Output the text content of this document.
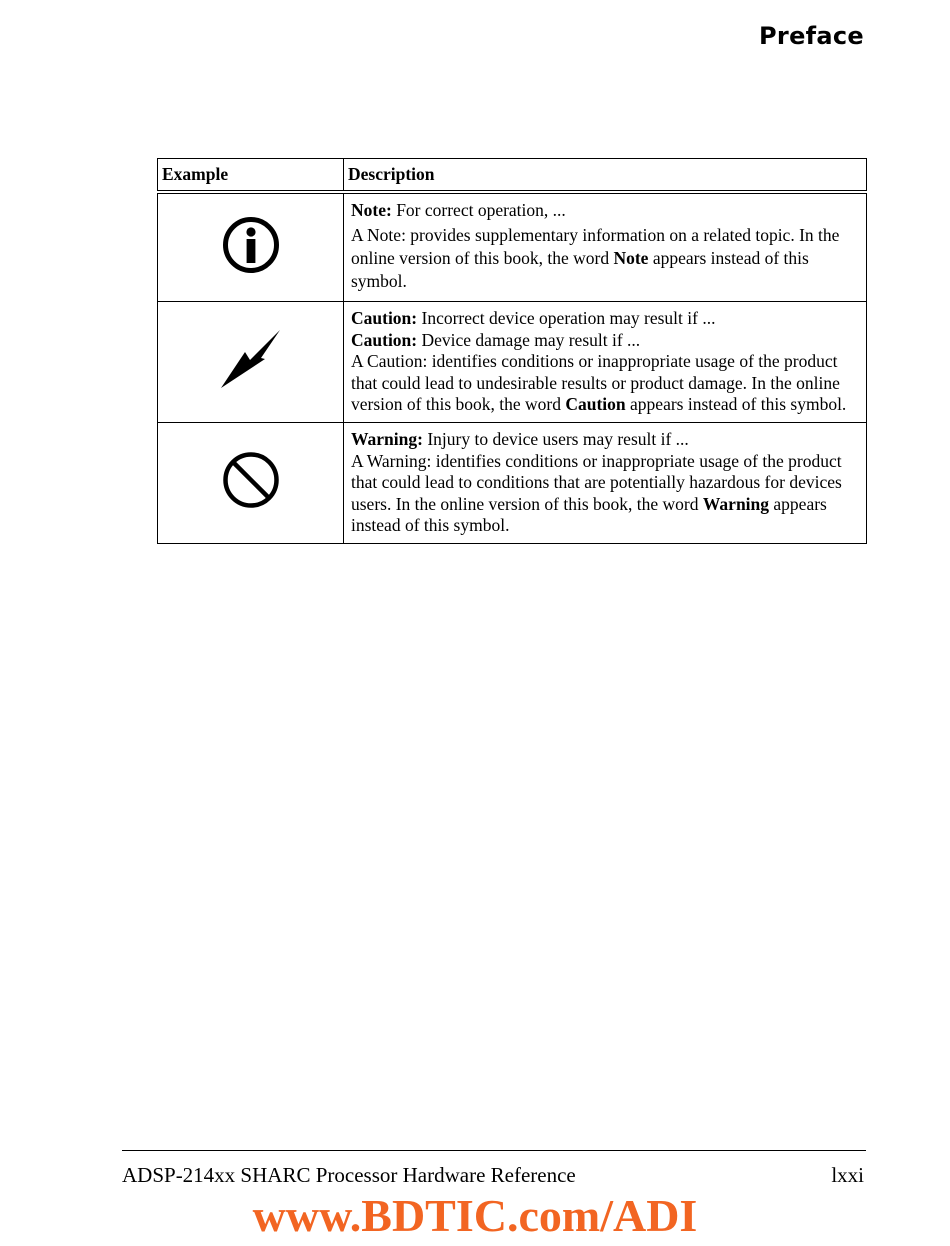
Preface
Example	Description

Note: For correct operation, ...
A Note: provides supplementary information on a related topic. In the online version of this book, the word Note appears instead of this symbol.

Caution: Incorrect device operation may result if ...
Caution: Device damage may result if ...
A Caution: identifies conditions or inappropriate usage of the product that could lead to undesirable results or product damage. In the online version of this book, the word Caution appears instead of this symbol.

Warning: Injury to device users may result if ...
A Warning: identifies conditions or inappropriate usage of the product that could lead to conditions that are potentially hazardous for devices users. In the online version of this book, the word Warning appears instead of this symbol.
ADSP-214xx SHARC Processor Hardware Reference	lxxi
www.BDTIC.com/ADI
